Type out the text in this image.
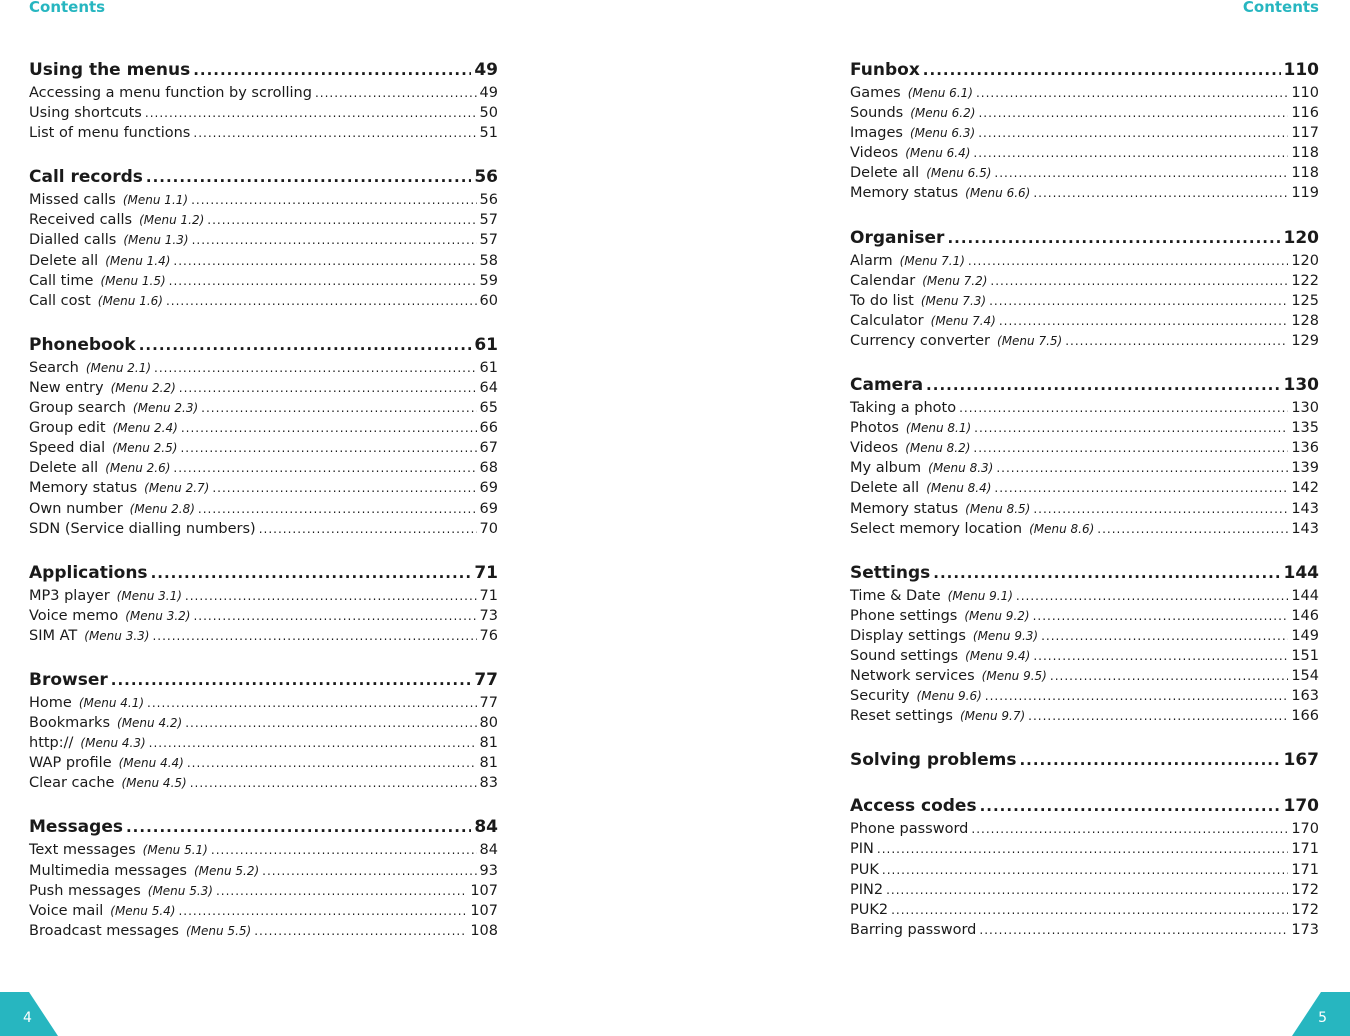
Contents	Contents
Using the menus .....	49
Accessing a menu function by scrolling .....	49
Using shortcuts .....	50
List of menu functions .....	51
Call records .....	56
Missed calls (Menu 1.1) .....	56
Received calls (Menu 1.2) .....	57
Dialled calls (Menu 1.3) .....	57
Delete all (Menu 1.4) .....	58
Call time (Menu 1.5) .....	59
Call cost (Menu 1.6) .....	60
Phonebook .....	61
Search (Menu 2.1) .....	61
New entry (Menu 2.2) .....	64
Group search (Menu 2.3) .....	65
Group edit (Menu 2.4) .....	66
Speed dial (Menu 2.5) .....	67
Delete all (Menu 2.6) .....	68
Memory status (Menu 2.7) .....	69
Own number (Menu 2.8) .....	69
SDN (Service dialling numbers) .....	70
Applications .....	71
MP3 player (Menu 3.1) .....	71
Voice memo (Menu 3.2) .....	73
SIM AT (Menu 3.3) .....	76
Browser .....	77
Home (Menu 4.1) .....	77
Bookmarks (Menu 4.2) .....	80
http:// (Menu 4.3) .....	81
WAP profile (Menu 4.4) .....	81
Clear cache (Menu 4.5) .....	83
Messages .....	84
Text messages (Menu 5.1) .....	84
Multimedia messages (Menu 5.2) .....	93
Push messages (Menu 5.3) .....	107
Voice mail (Menu 5.4) .....	107
Broadcast messages (Menu 5.5) .....	108
Funbox .....	110
Games (Menu 6.1) .....	110
Sounds (Menu 6.2) .....	116
Images (Menu 6.3) .....	117
Videos (Menu 6.4) .....	118
Delete all (Menu 6.5) .....	118
Memory status (Menu 6.6) .....	119
Organiser .....	120
Alarm (Menu 7.1) .....	120
Calendar (Menu 7.2) .....	122
To do list (Menu 7.3) .....	125
Calculator (Menu 7.4) .....	128
Currency converter (Menu 7.5) .....	129
Camera .....	130
Taking a photo .....	130
Photos (Menu 8.1) .....	135
Videos (Menu 8.2) .....	136
My album (Menu 8.3) .....	139
Delete all (Menu 8.4) .....	142
Memory status (Menu 8.5) .....	143
Select memory location (Menu 8.6) .....	143
Settings .....	144
Time & Date (Menu 9.1) .....	144
Phone settings (Menu 9.2) .....	146
Display settings (Menu 9.3) .....	149
Sound settings (Menu 9.4) .....	151
Network services (Menu 9.5) .....	154
Security (Menu 9.6) .....	163
Reset settings (Menu 9.7) .....	166
Solving problems .....	167
Access codes .....	170
Phone password .....	170
PIN .....	171
PUK .....	171
PIN2 .....	172
PUK2 .....	172
Barring password .....	173
4	5
